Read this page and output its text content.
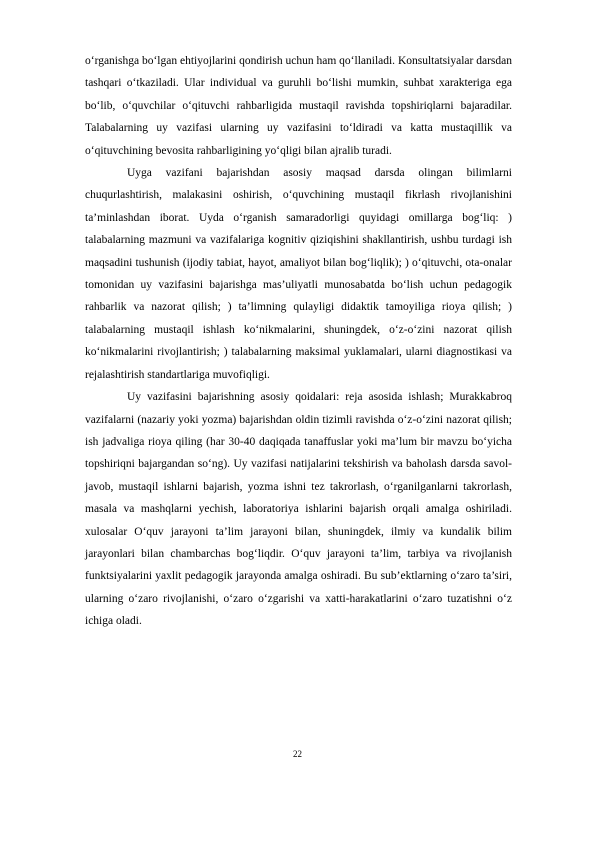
o‘rganishga bo‘lgan ehtiyojlarini qondirish uchun ham qo‘llaniladi. Konsultatsiyalar darsdan tashqari o‘tkaziladi. Ular individual va guruhli bo‘lishi mumkin, suhbat xarakteriga ega bo‘lib, o‘quvchilar o‘qituvchi rahbarligida mustaqil ravishda topshiriqlarni bajaradilar. Talabalarning uy vazifasi ularning uy vazifasini to‘ldiradi va katta mustaqillik va o‘qituvchining bevosita rahbarligining yo‘qligi bilan ajralib turadi.

Uyga vazifani bajarishdan asosiy maqsad darsda olingan bilimlarni chuqurlashtirish, malakasini oshirish, o‘quvchining mustaqil fikrlash rivojlanishini ta’minlashdan iborat. Uyda o‘rganish samaradorligi quyidagi omillarga bog‘liq: ) talabalarning mazmuni va vazifalariga kognitiv qiziqishini shakllantirish, ushbu turdagi ish maqsadini tushunish (ijodiy tabiat, hayot, amaliyot bilan bog‘liqlik); ) o‘qituvchi, ota-onalar tomonidan uy vazifasini bajarishga mas’uliyatli munosabatda bo‘lish uchun pedagogik rahbarlik va nazorat qilish; ) ta’limning qulayligi didaktik tamoyiliga rioya qilish; ) talabalarning mustaqil ishlash ko‘nikmalarini, shuningdek, o‘z-o‘zini nazorat qilish ko‘nikmalarini rivojlantirish; ) talabalarning maksimal yuklamalari, ularni diagnostikasi va rejalashtirish standartlariga muvofiqligi.

Uy vazifasini bajarishning asosiy qoidalari: reja asosida ishlash; Murakkabroq vazifalarni (nazariy yoki yozma) bajarishdan oldin tizimli ravishda o‘z-o‘zini nazorat qilish; ish jadvaliga rioya qiling (har 30-40 daqiqada tanaffuslar yoki ma’lum bir mavzu bo‘yicha topshiriqni bajargandan so‘ng). Uy vazifasi natijalarini tekshirish va baholash darsda savol-javob, mustaqil ishlarni bajarish, yozma ishni tez takrorlash, o‘rganilganlarni takrorlash, masala va mashqlarni yechish, laboratoriya ishlarini bajarish orqali amalga oshiriladi. xulosalar O‘quv jarayoni ta’lim jarayoni bilan, shuningdek, ilmiy va kundalik bilim jarayonlari bilan chambarchas bog‘liqdir. O‘quv jarayoni ta’lim, tarbiya va rivojlanish funktsiyalarini yaxlit pedagogik jarayonda amalga oshiradi. Bu sub’ektlarning o‘zaro ta’siri, ularning o‘zaro rivojlanishi, o‘zaro o‘zgarishi va xatti-harakatlarini o‘zaro tuzatishni o‘z ichiga oladi.

22
